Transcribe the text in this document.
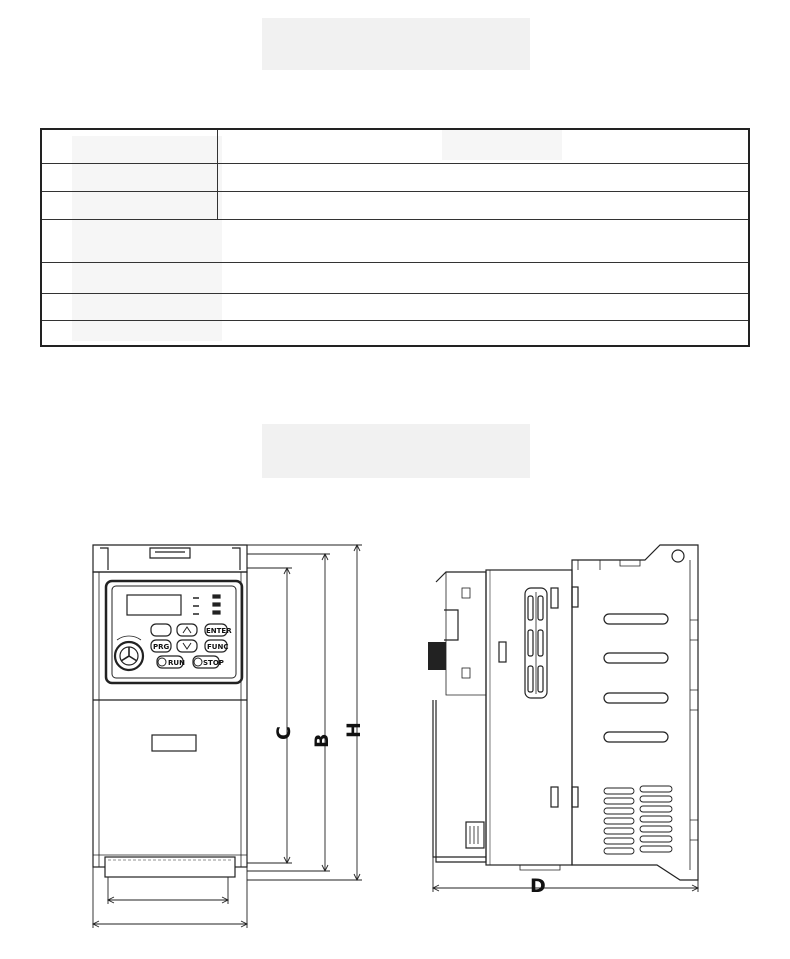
PRG
ENTER
FUNC
RUN	STOP
C
B
H
D
